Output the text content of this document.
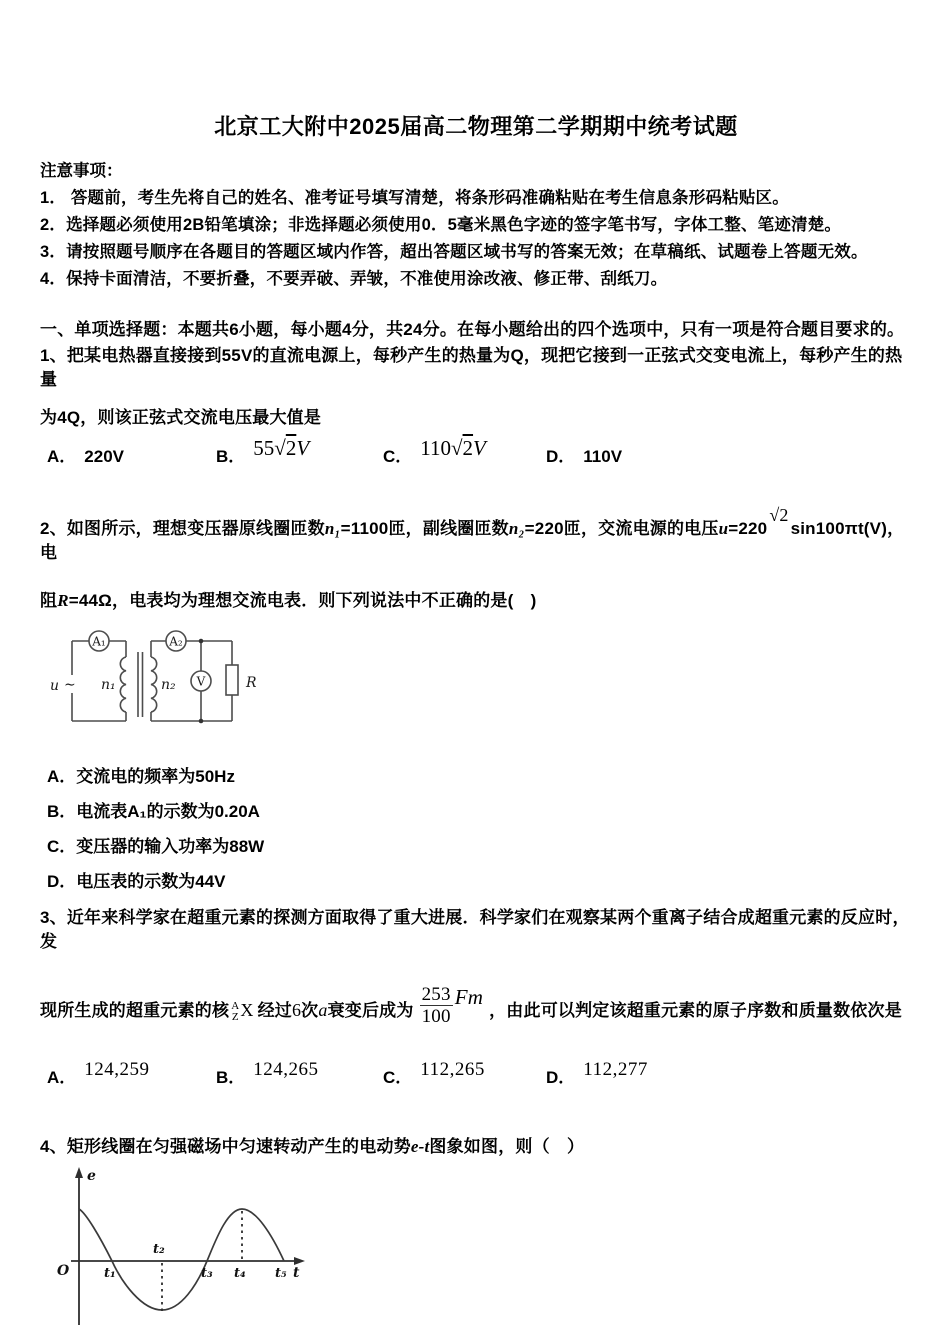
北京工大附中2025届高二物理第二学期期中统考试题
注意事项：
1． 答题前，考生先将自己的姓名、准考证号填写清楚，将条形码准确粘贴在考生信息条形码粘贴区。
2．选择题必须使用2B铅笔填涂；非选择题必须使用0．5毫米黑色字迹的签字笔书写，字体工整、笔迹清楚。
3．请按照题号顺序在各题目的答题区域内作答，超出答题区域书写的答案无效；在草稿纸、试题卷上答题无效。
4．保持卡面清洁，不要折叠，不要弄破、弄皱，不准使用涂改液、修正带、刮纸刀。
一、单项选择题：本题共6小题，每小题4分，共24分。在每小题给出的四个选项中，只有一项是符合题目要求的。
1、把某电热器直接接到55V的直流电源上，每秒产生的热量为Q，现把它接到一正弦式交变电流上，每秒产生的热量
为4Q，则该正弦式交流电压最大值是
A． 220V	B． 55√2V	C． 110√2V	D． 110V
2、如图所示，理想变压器原线圈匝数n₁=1100匝，副线圈匝数n₂=220匝，交流电源的电压u=220√2sin100πt(V)，电
阻R=44Ω，电表均为理想交流电表．则下列说法中不正确的是(　)
u ∼ n₁	n₂
A₁	A₂
V	R
A．交流电的频率为50Hz
B．电流表A₁的示数为0.20A
C．变压器的输入功率为88W
D．电压表的示数为44V
3、近年来科学家在超重元素的探测方面取得了重大进展．科学家们在观察某两个重离子结合成超重元素的反应时，发
现所生成的超重元素的核 A
Z X 经过6次a衰变后成为 $\frac{253}{100}$ Fm，由此可以判定该超重元素的原子序数和质量数依次是
A． 124,259	B． 124,265	C． 112,265	D． 112,277
4、矩形线圈在匀强磁场中匀速转动产生的电动势e-t图象如图，则（　）
e
O	t
t₁
t₂
t₃ t₄ t₅
